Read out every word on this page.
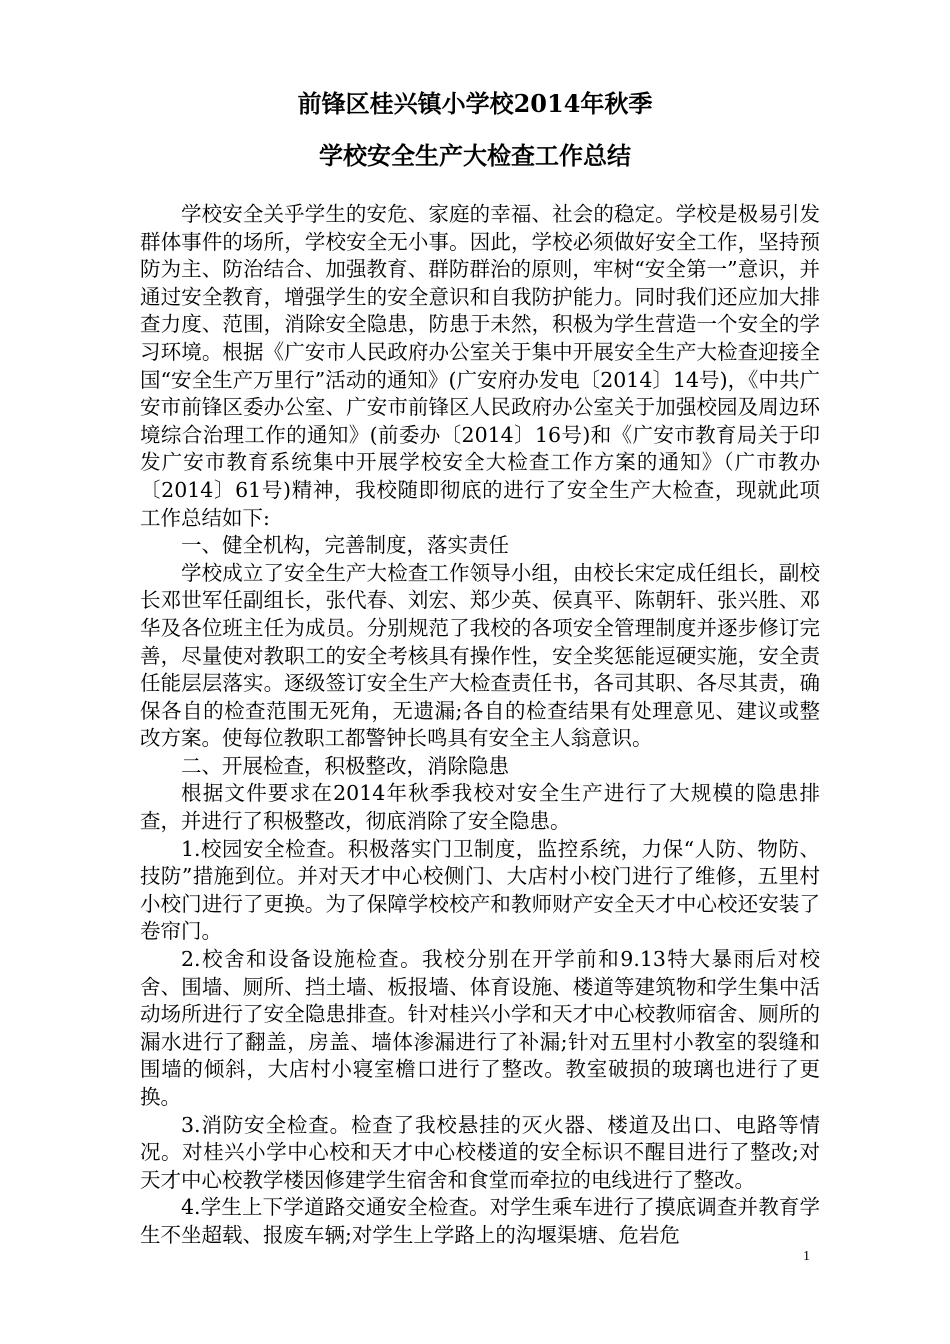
前锋区桂兴镇小学校2014年秋季
学校安全生产大检查工作总结

学校安全关乎学生的安危、家庭的幸福、社会的稳定。学校是极易引发群体事件的场所，学校安全无小事。因此，学校必须做好安全工作，坚持预防为主、防治结合、加强教育、群防群治的原则，牢树“安全第一”意识，并通过安全教育，增强学生的安全意识和自我防护能力。同时我们还应加大排查力度、范围，消除安全隐患，防患于未然，积极为学生营造一个安全的学习环境。根据《广安市人民政府办公室关于集中开展安全生产大检查迎接全国“安全生产万里行”活动的通知》(广安府办发电〔2014〕14号)，《中共广安市前锋区委办公室、广安市前锋区人民政府办公室关于加强校园及周边环境综合治理工作的通知》(前委办〔2014〕16号)和《广安市教育局关于印发广安市教育系统集中开展学校安全大检查工作方案的通知》（广市教办〔2014〕61号)精神，我校随即彻底的进行了安全生产大检查，现就此项工作总结如下:

一、健全机构，完善制度，落实责任

学校成立了安全生产大检查工作领导小组，由校长宋定成任组长，副校长邓世军任副组长，张代春、刘宏、郑少英、侯真平、陈朝轩、张兴胜、邓华及各位班主任为成员。分别规范了我校的各项安全管理制度并逐步修订完善，尽量使对教职工的安全考核具有操作性，安全奖惩能逗硬实施，安全责任能层层落实。逐级签订安全生产大检查责任书，各司其职、各尽其责，确保各自的检查范围无死角，无遗漏;各自的检查结果有处理意见、建议或整改方案。使每位教职工都警钟长鸣具有安全主人翁意识。

二、开展检查，积极整改，消除隐患

根据文件要求在2014年秋季我校对安全生产进行了大规模的隐患排查，并进行了积极整改，彻底消除了安全隐患。

1.校园安全检查。积极落实门卫制度，监控系统，力保“人防、物防、技防”措施到位。并对天才中心校侧门、大店村小校门进行了维修，五里村小校门进行了更换。为了保障学校校产和教师财产安全天才中心校还安装了卷帘门。

2.校舍和设备设施检查。我校分别在开学前和9.13特大暴雨后对校舍、围墙、厕所、挡土墙、板报墙、体育设施、楼道等建筑物和学生集中活动场所进行了安全隐患排查。针对桂兴小学和天才中心校教师宿舍、厕所的漏水进行了翻盖，房盖、墙体渗漏进行了补漏;针对五里村小教室的裂缝和围墙的倾斜，大店村小寝室檐口进行了整改。教室破损的玻璃也进行了更换。

3.消防安全检查。检查了我校悬挂的灭火器、楼道及出口、电路等情况。对桂兴小学中心校和天才中心校楼道的安全标识不醒目进行了整改;对天才中心校教学楼因修建学生宿舍和食堂而牵拉的电线进行了整改。

4.学生上下学道路交通安全检查。对学生乘车进行了摸底调查并教育学生不坐超载、报废车辆;对学生上学路上的沟堰渠塘、危岩危

1
